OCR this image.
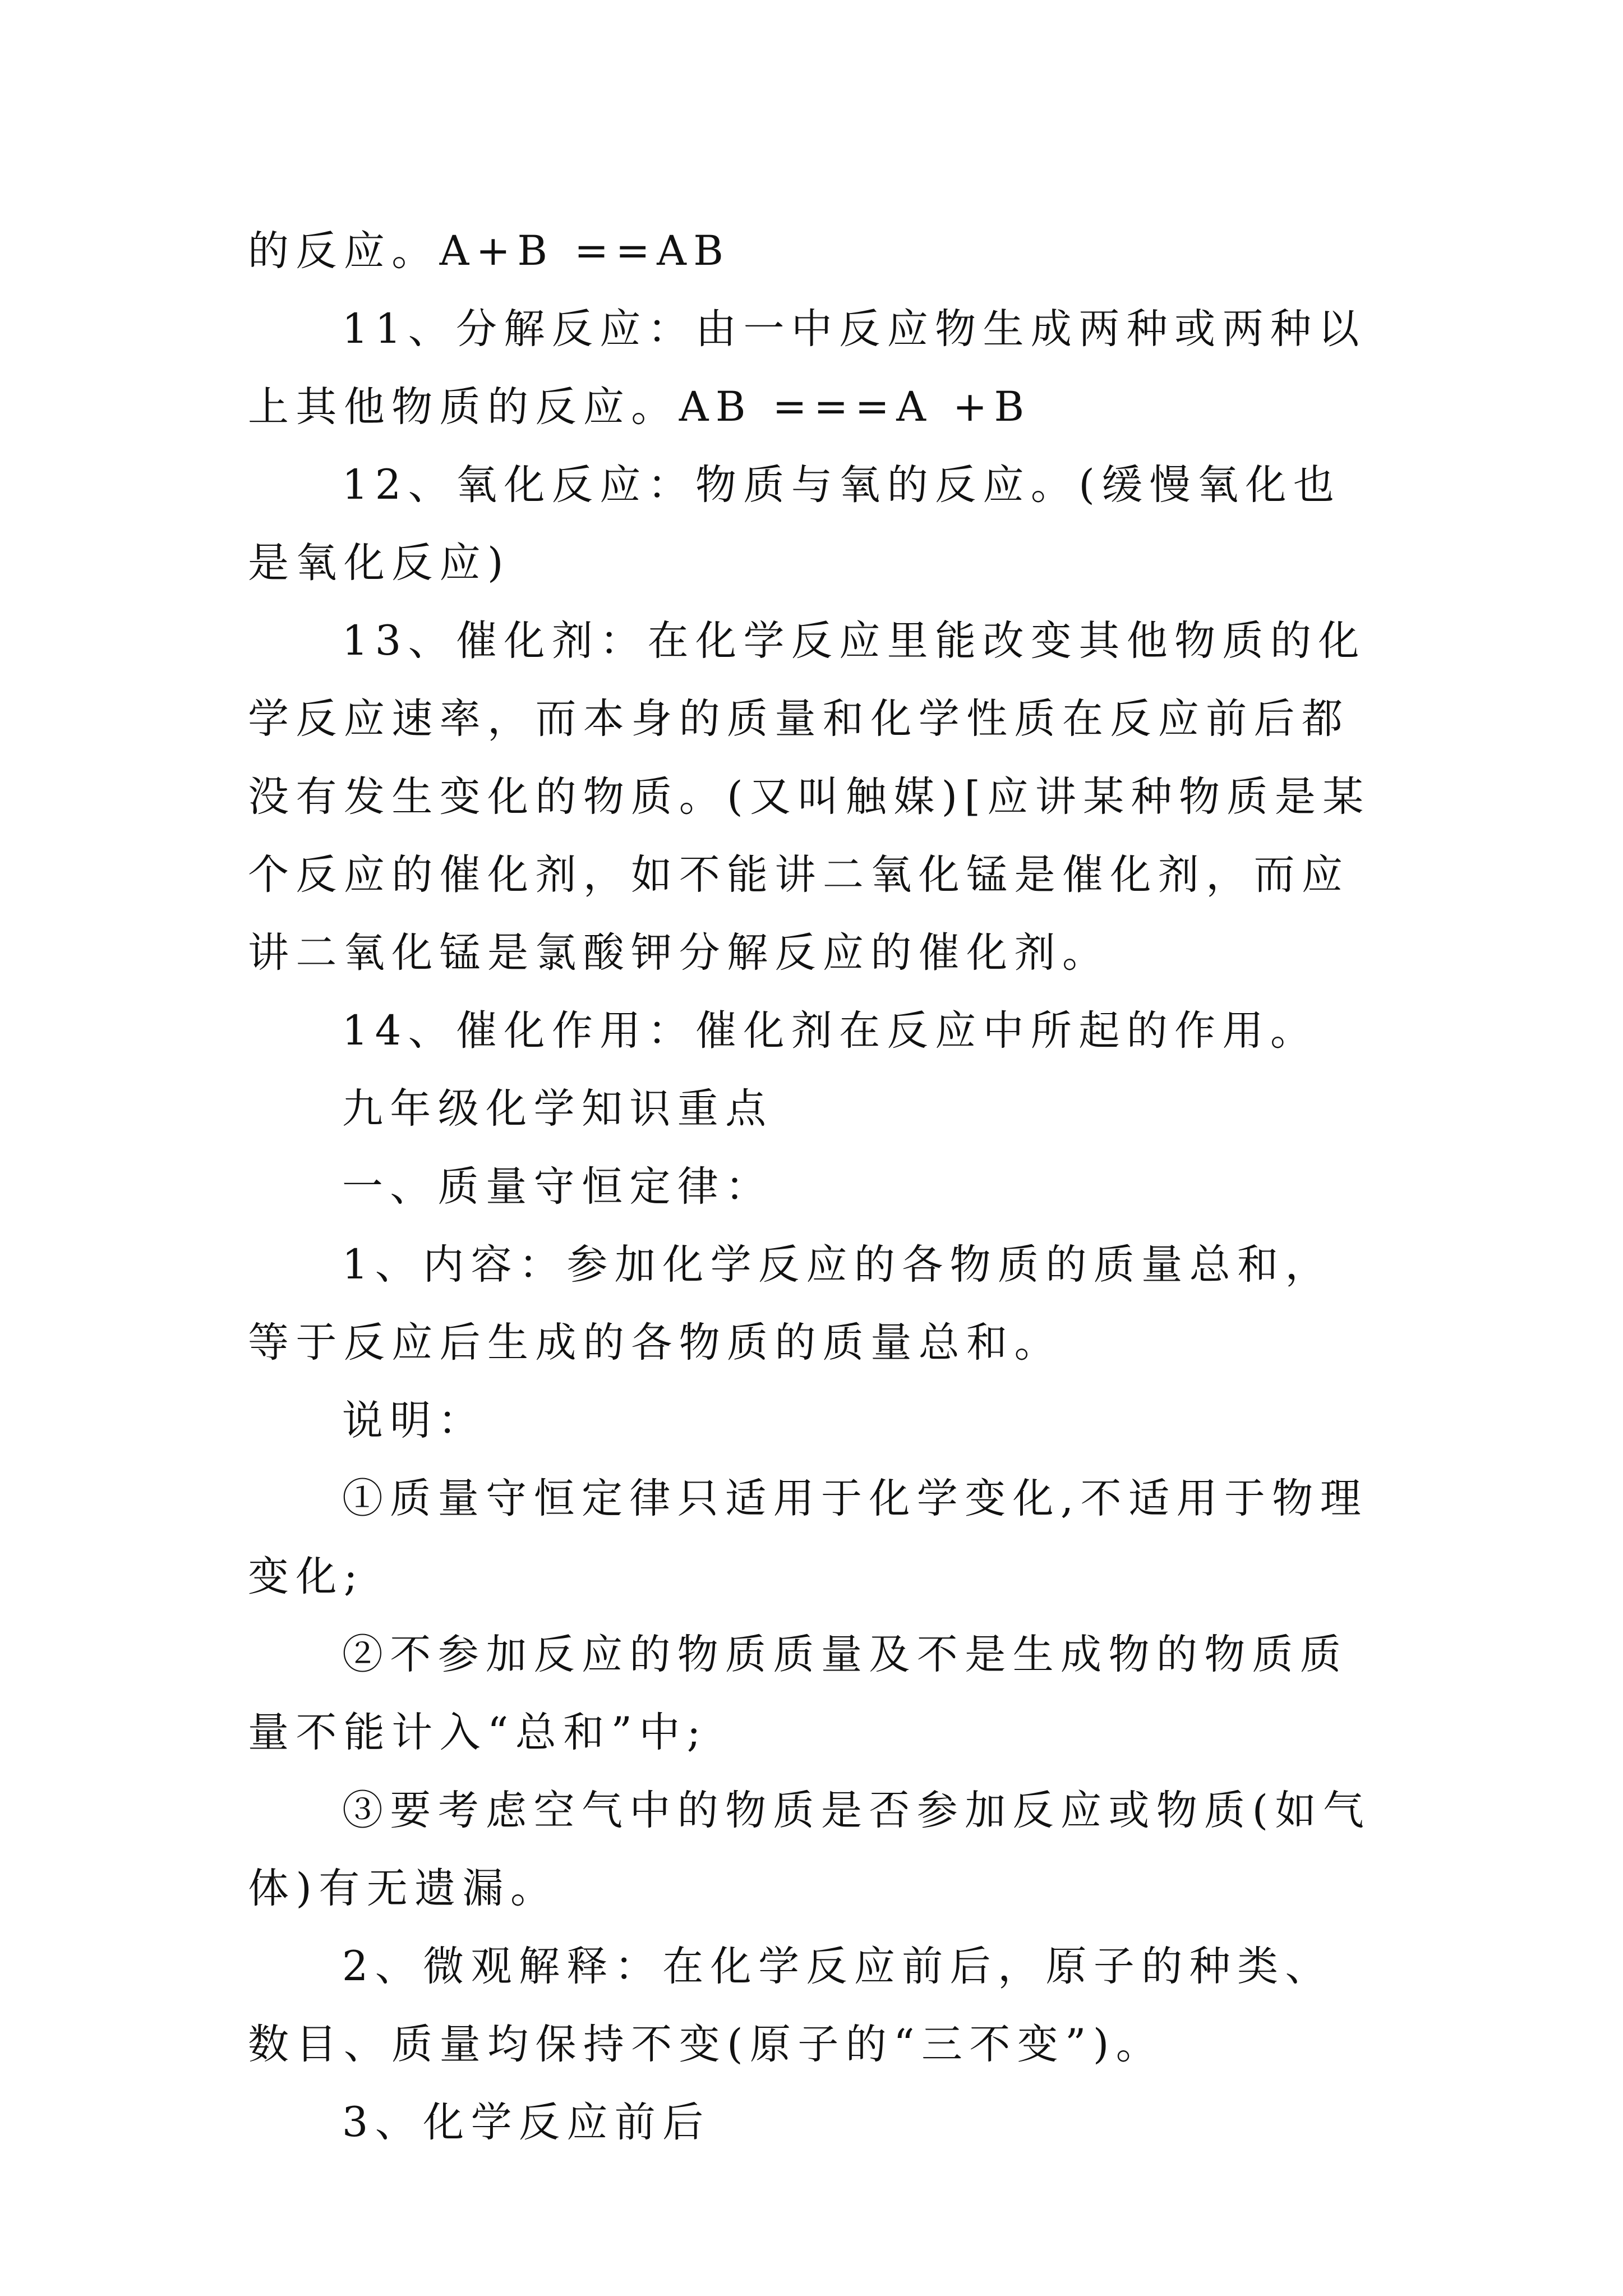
的反应。A+B ==AB

11、分解反应：由一中反应物生成两种或两种以上其他物质的反应。AB ===A +B

12、氧化反应：物质与氧的反应。(缓慢氧化也是氧化反应)

13、催化剂：在化学反应里能改变其他物质的化学反应速率，而本身的质量和化学性质在反应前后都没有发生变化的物质。(又叫触媒)[应讲某种物质是某个反应的催化剂，如不能讲二氧化锰是催化剂，而应讲二氧化锰是氯酸钾分解反应的催化剂。

14、催化作用：催化剂在反应中所起的作用。

九年级化学知识重点

一、质量守恒定律：

1、内容：参加化学反应的各物质的质量总和，等于反应后生成的各物质的质量总和。

说明：

①质量守恒定律只适用于化学变化,不适用于物理变化;

②不参加反应的物质质量及不是生成物的物质质量不能计入“总和”中;

③要考虑空气中的物质是否参加反应或物质(如气体)有无遗漏。

2、微观解释：在化学反应前后，原子的种类、数目、质量均保持不变(原子的“三不变”)。

3、化学反应前后
